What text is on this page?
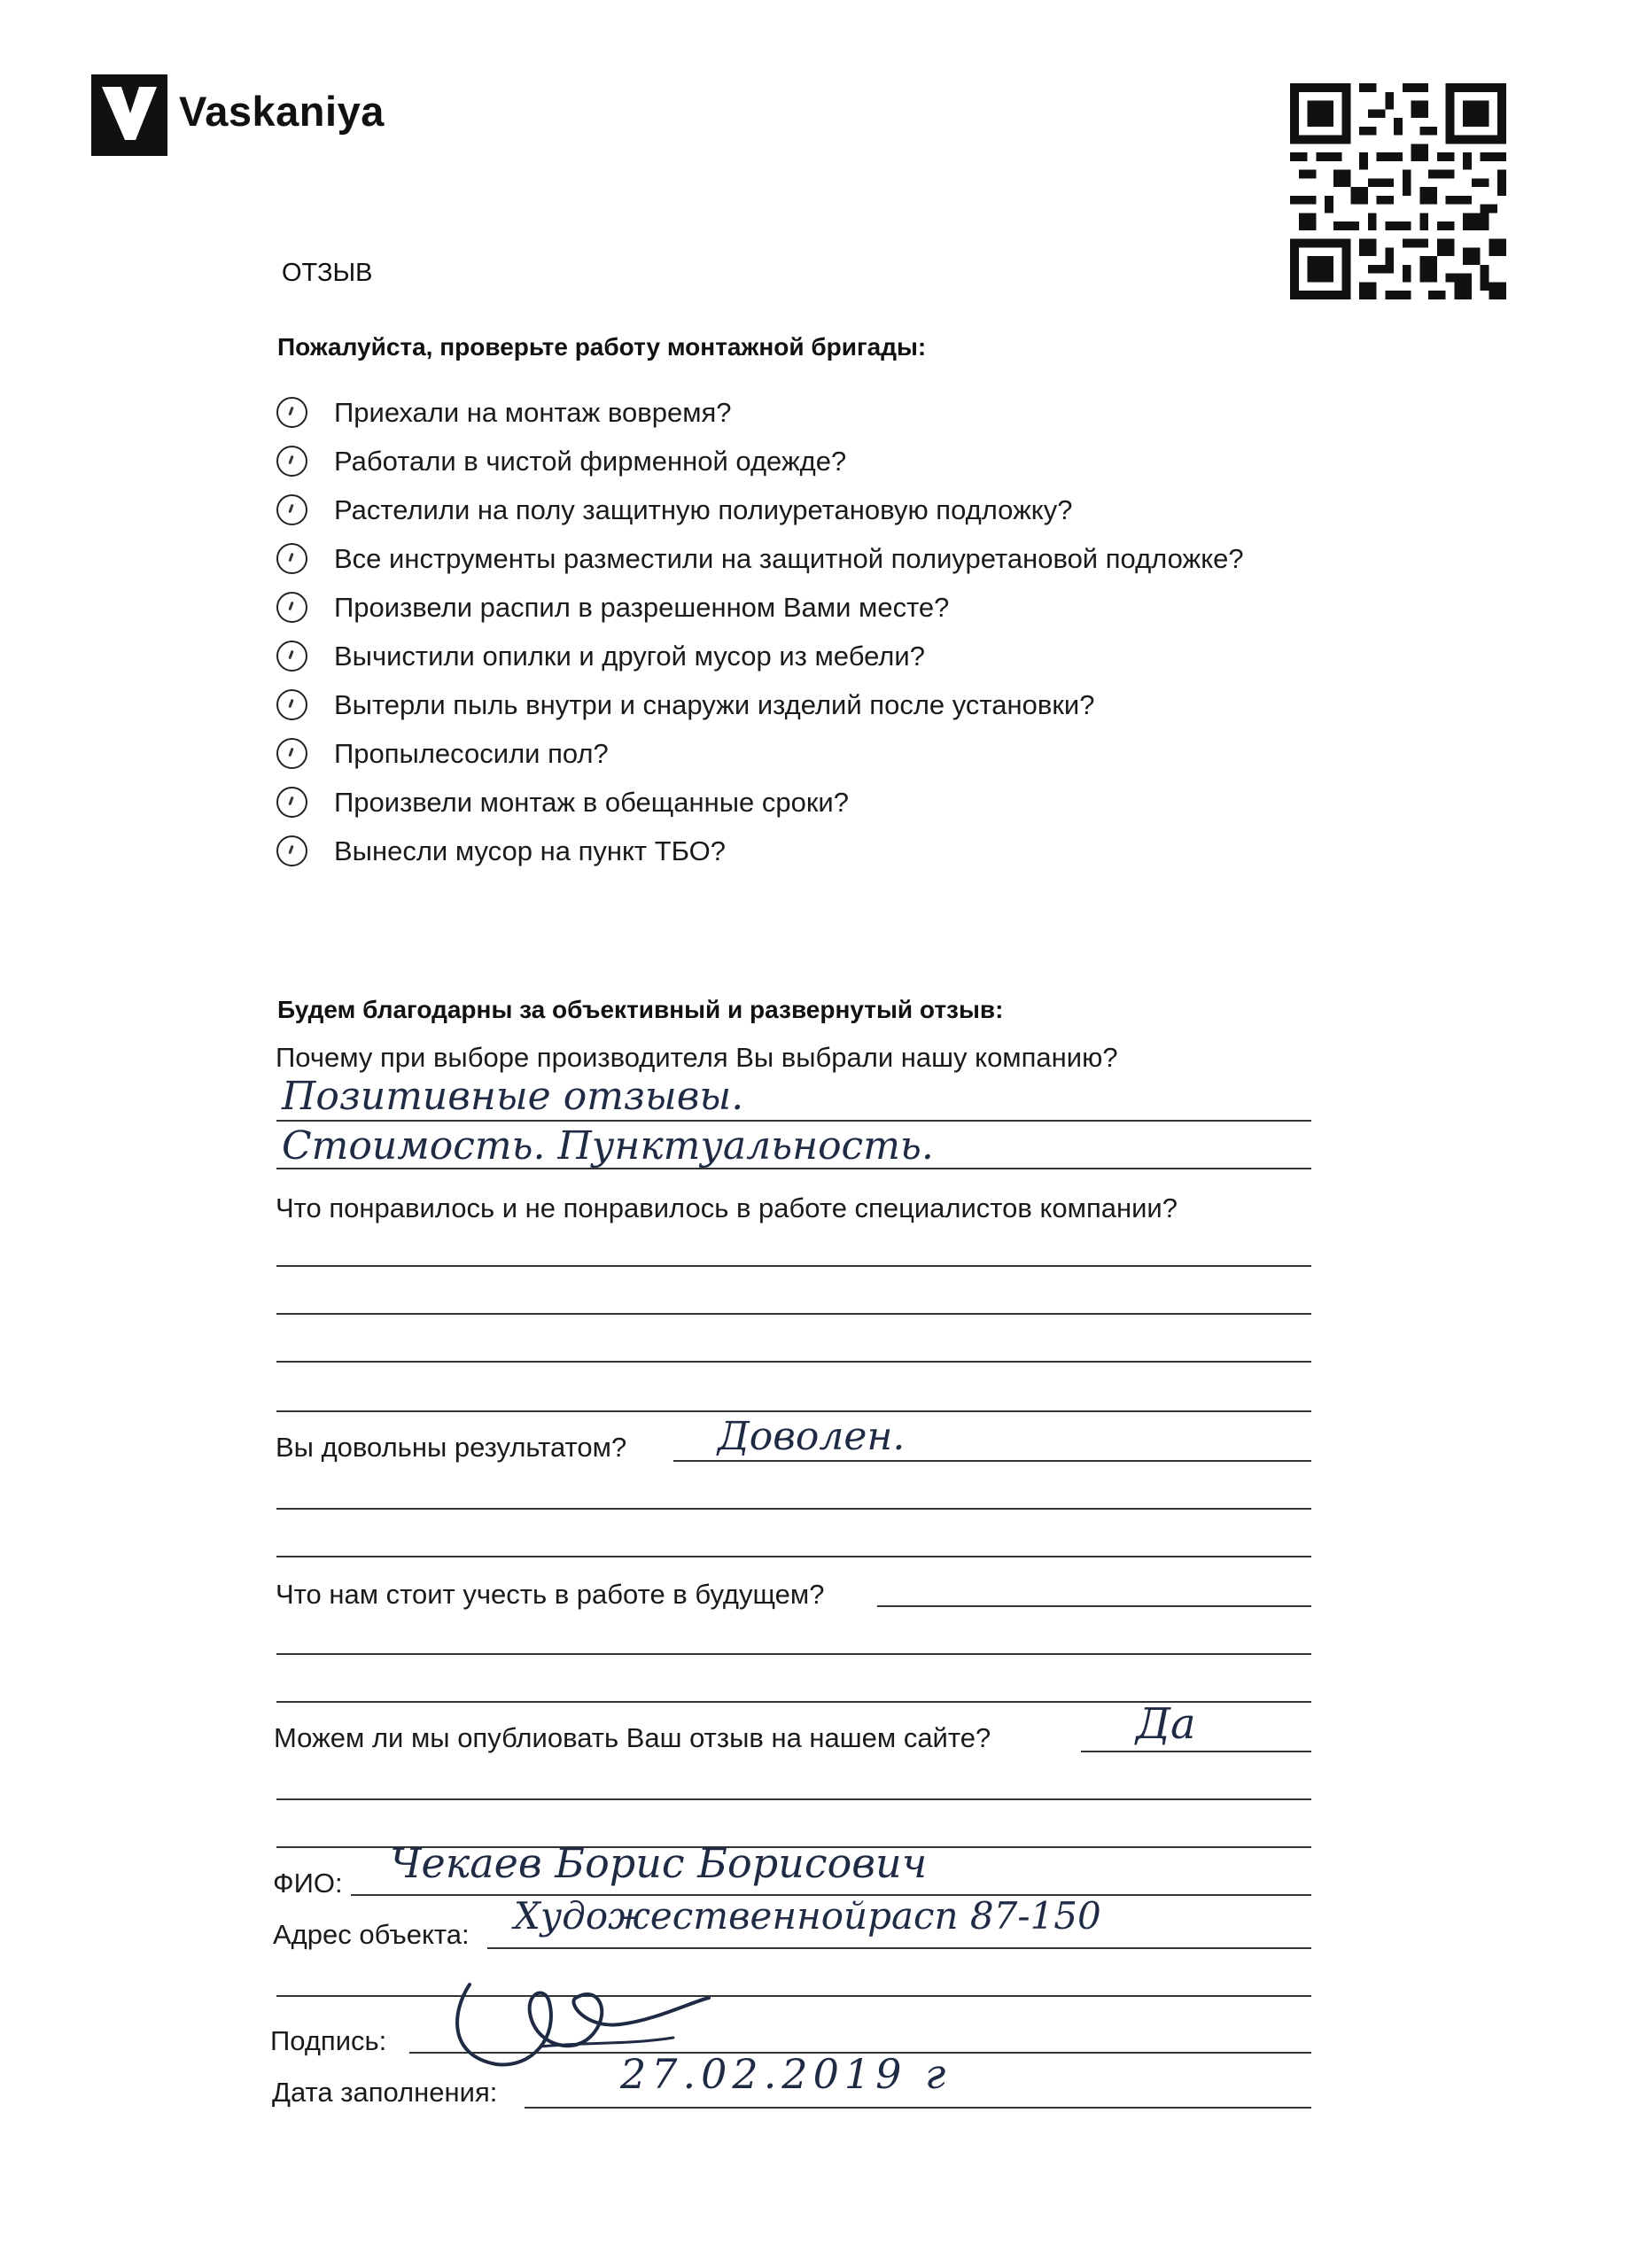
Vaskaniya
ОТЗЫВ
Пожалуйста, проверьте работу монтажной бригады:
Приехали на монтаж вовремя?
Работали в чистой фирменной одежде?
Растелили на полу защитную полиуретановую подложку?
Все инструменты разместили на защитной полиуретановой подложке?
Произвели распил в разрешенном Вами месте?
Вычистили опилки и другой мусор из мебели?
Вытерли пыль внутри и снаружи изделий после установки?
Пропылесосили пол?
Произвели монтаж в обещанные сроки?
Вынесли мусор на пункт ТБО?
Будем благодарны за объективный и развернутый отзыв:
Почему при выборе производителя Вы выбрали нашу компанию?
Позитивные отзывы.
Стоимость. Пунктуальность.
Что понравилось и не понравилось в работе специалистов компании?
Вы довольны результатом? Доволен.
Что нам стоит учесть в работе в будущем?
Можем ли мы опублиовать Ваш отзыв на нашем сайте?	Да
ФИО: Чекаев Борис Борисович
Адрес объекта: Художественнойрасп 87-150
Подпись:
Дата заполнения:	27.02.2019 г
